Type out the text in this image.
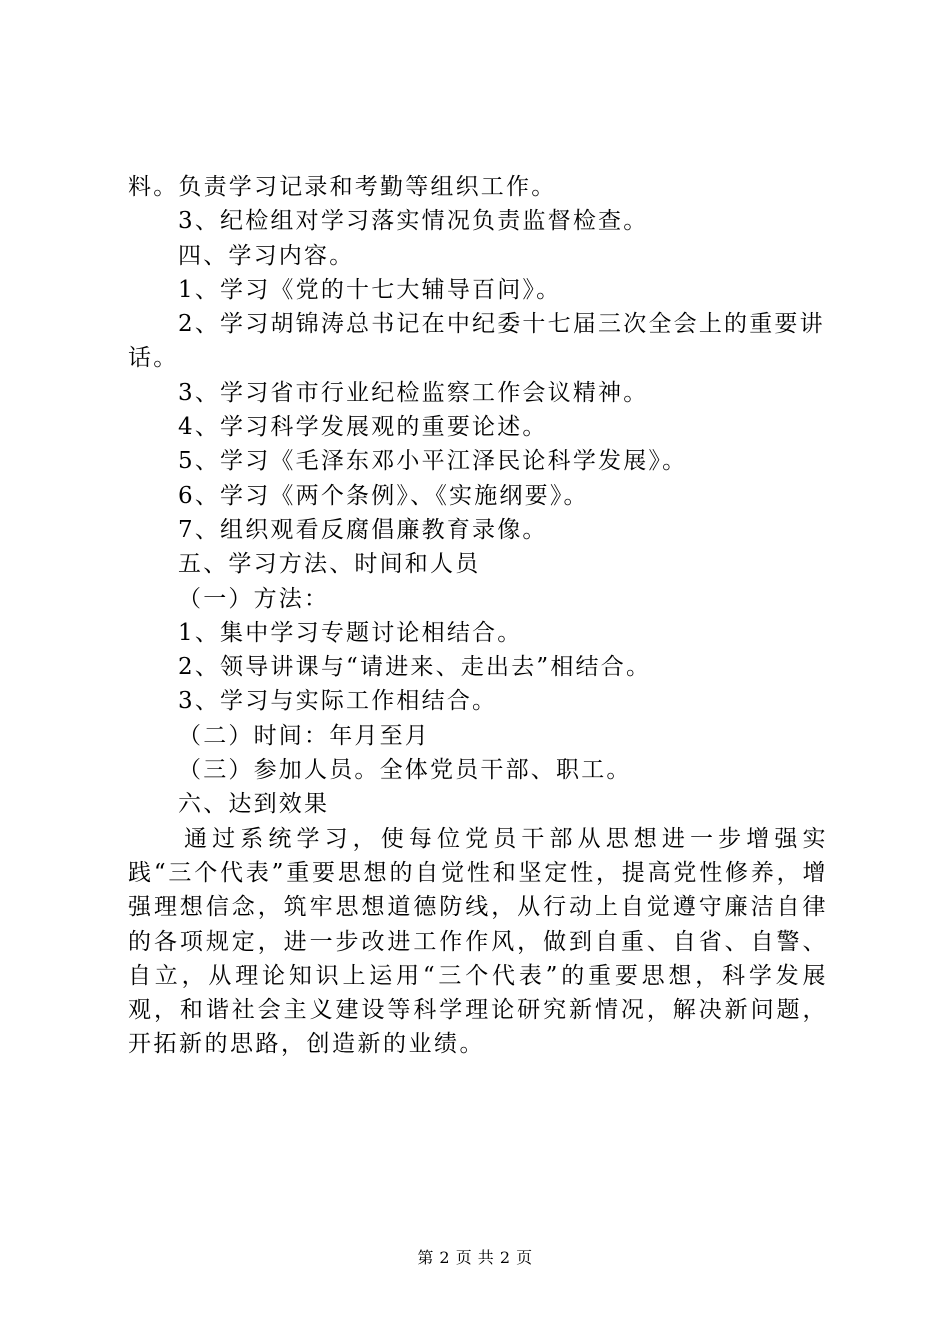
料。负责学习记录和考勤等组织工作。
3、纪检组对学习落实情况负责监督检查。
四、学习内容。
1、学习《党的十七大辅导百问》。
2、学习胡锦涛总书记在中纪委十七届三次全会上的重要讲
话。
3、学习省市行业纪检监察工作会议精神。
4、学习科学发展观的重要论述。
5、学习《毛泽东邓小平江泽民论科学发展》。
6、学习《两个条例》、《实施纲要》。
7、组织观看反腐倡廉教育录像。
五、学习方法、时间和人员
（一）方法：
1、集中学习专题讨论相结合。
2、领导讲课与“请进来、走出去”相结合。
3、学习与实际工作相结合。
（二）时间：年月至月
（三）参加人员。全体党员干部、职工。
六、达到效果
通过系统学习，使每位党员干部从思想进一步增强实践“三个代表”重要思想的自觉性和坚定性，提高党性修养，增强理想信念，筑牢思想道德防线，从行动上自觉遵守廉洁自律的各项规定，进一步改进工作作风，做到自重、自省、自警、自立，从理论知识上运用“三个代表”的重要思想，科学发展观，和谐社会主义建设等科学理论研究新情况，解决新问题，开拓新的思路，创造新的业绩。
第 2 页 共 2 页
